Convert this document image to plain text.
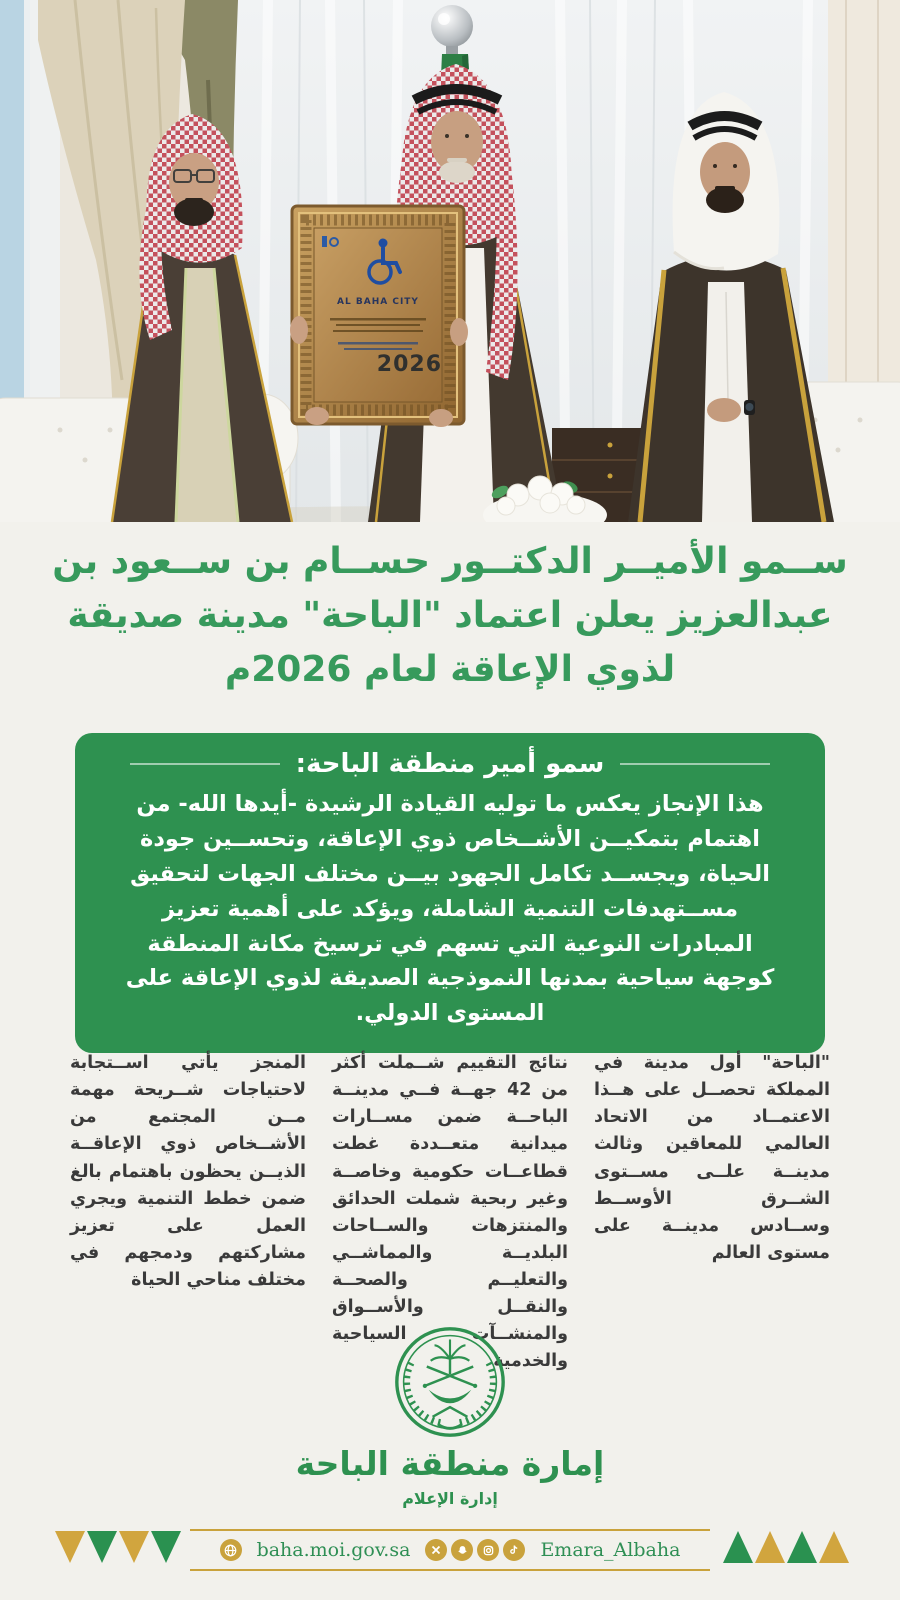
AL BAHA CITY
2026
ســمو الأميــر الدكتــور حســام بن ســعود بن
عبدالعزيز يعلن اعتماد "الباحة" مدينة صديقة
لذوي الإعاقة لعام 2026م
سمو أمير منطقة الباحة:

هذا الإنجاز يعكس ما توليه القيادة الرشيدة -أيدها الله- من اهتمام بتمكيــن الأشــخاص ذوي الإعاقة، وتحســين جودة الحياة، ويجســد تكامل الجهود بيــن مختلف الجهات لتحقيق مســتهدفات التنمية الشاملة، ويؤكد على أهمية تعزيز المبادرات النوعية التي تسهم في ترسيخ مكانة المنطقة كوجهة سياحية بمدنها النموذجية الصديقة لذوي الإعاقة على المستوى الدولي.

"الباحة" أول مدينة في المملكة تحصــل على هــذا الاعتمــاد من الاتحاد العالمي للمعاقين وثالث مدينــة علــى مســتوى الشــرق الأوســط وســادس مدينــة على مستوى العالم

نتائج التقييم شــملت أكثر من 42 جهــة فــي مدينــة الباحــة ضمن مســارات ميدانية متعــددة غطت قطاعــات حكومية وخاصــة وغير ربحية شملت الحدائق والمنتزهات والســاحات البلديــة والمماشــي والتعليــم والصحــة والنقــل والأســواق والمنشــآت السياحية والخدمية

المنجز يأتي اســتجابة لاحتياجات شــريحة مهمة مــن المجتمع من الأشــخاص ذوي الإعاقــة الذيــن يحظون باهتمام بالغ ضمن خطط التنمية ويجري العمل على تعزيز مشاركتهم ودمجهم في مختلف مناحي الحياة

إمارة منطقة الباحة
إدارة الإعلام
baha.moi.gov.sa	Emara_Albaha
